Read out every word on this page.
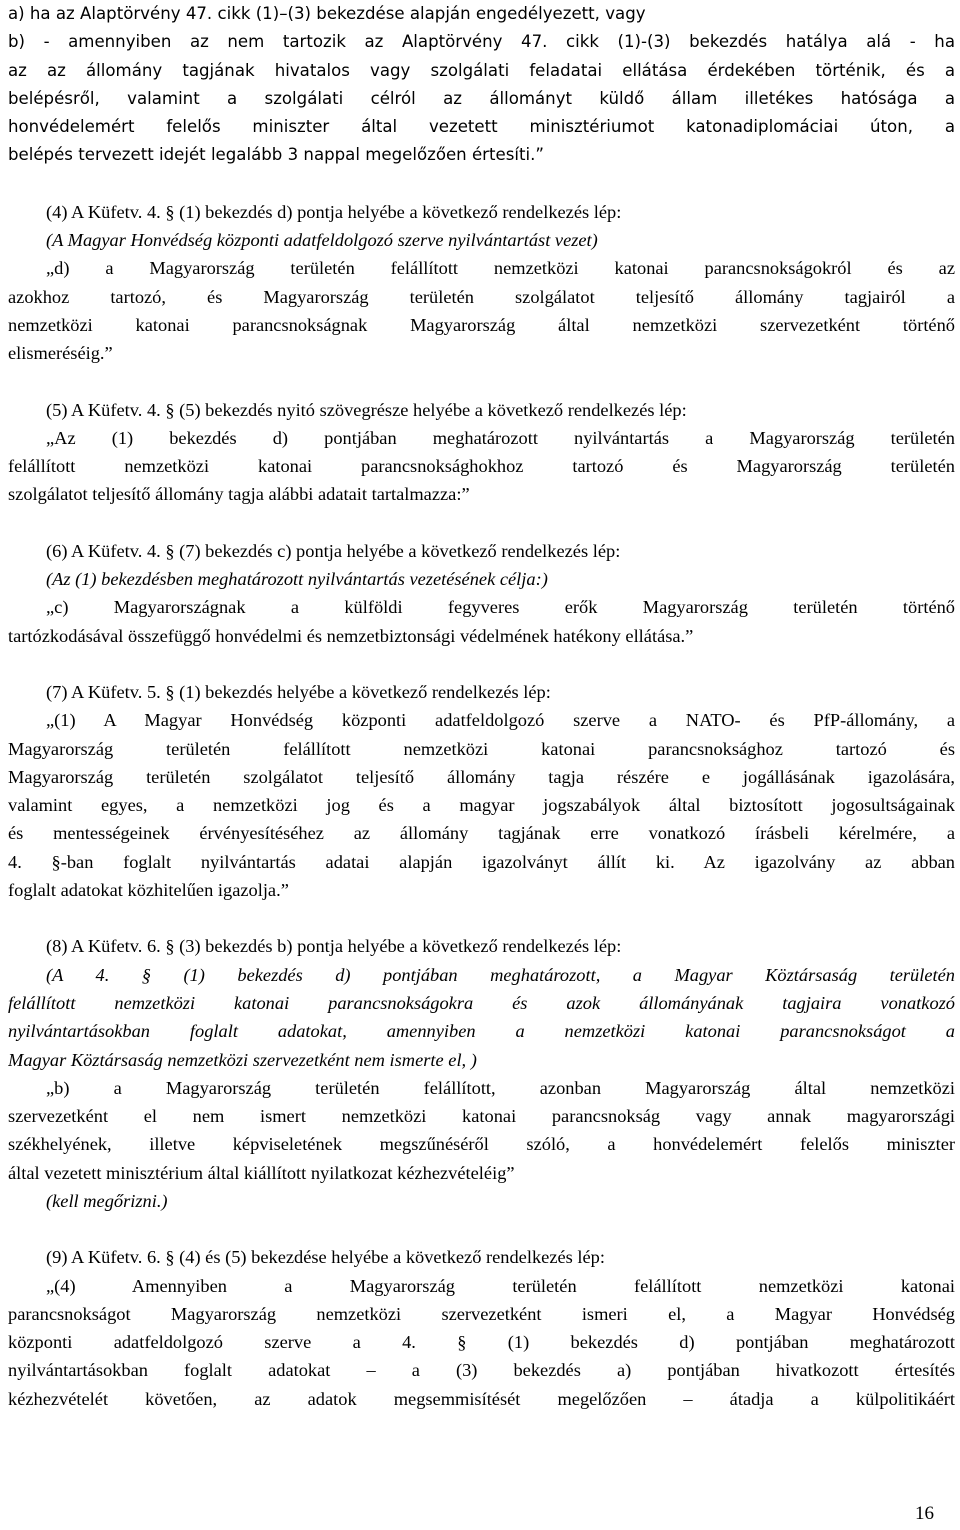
a) ha az Alaptörvény 47. cikk (1)–(3) bekezdése alapján engedélyezett, vagy
b) - amennyiben az nem tartozik az Alaptörvény 47. cikk (1)-(3) bekezdés hatálya alá - ha
az az állomány tagjának hivatalos vagy szolgálati feladatai ellátása érdekében történik, és a
belépésről, valamint a szolgálati célról az állományt küldő állam illetékes hatósága a
honvédelemért felelős miniszter által vezetett minisztériumot katonadiplomáciai úton, a
belépés tervezett idejét legalább 3 nappal megelőzően értesíti.”
(4) A Küfetv. 4. § (1) bekezdés d) pontja helyébe a következő rendelkezés lép:
(A Magyar Honvédség központi adatfeldolgozó szerve nyilvántartást vezet)
„d) a Magyarország területén felállított nemzetközi katonai parancsnokságokról és az
azokhoz tartozó, és Magyarország területén szolgálatot teljesítő állomány tagjairól a
nemzetközi katonai parancsnokságnak Magyarország által nemzetközi szervezetként történő
elismeréséig.”
(5) A Küfetv. 4. § (5) bekezdés nyitó szövegrésze helyébe a következő rendelkezés lép:
„Az (1) bekezdés d) pontjában meghatározott nyilvántartás a Magyarország területén
felállított nemzetközi katonai parancsnoksághokhoz tartozó és Magyarország területén
szolgálatot teljesítő állomány tagja alábbi adatait tartalmazza:”
(6) A Küfetv. 4. § (7) bekezdés c) pontja helyébe a következő rendelkezés lép:
(Az (1) bekezdésben meghatározott nyilvántartás vezetésének célja:)
„c) Magyarországnak a külföldi fegyveres erők Magyarország területén történő
tartózkodásával összefüggő honvédelmi és nemzetbiztonsági védelmének hatékony ellátása.”
(7) A Küfetv. 5. § (1) bekezdés helyébe a következő rendelkezés lép:
„(1) A Magyar Honvédség központi adatfeldolgozó szerve a NATO- és PfP-állomány, a
Magyarország területén felállított nemzetközi katonai parancsnoksághoz tartozó és
Magyarország területén szolgálatot teljesítő állomány tagja részére e jogállásának igazolására,
valamint egyes, a nemzetközi jog és a magyar jogszabályok által biztosított jogosultságainak
és mentességeinek érvényesítéséhez az állomány tagjának erre vonatkozó írásbeli kérelmére, a
4. §-ban foglalt nyilvántartás adatai alapján igazolványt állít ki. Az igazolvány az abban
foglalt adatokat közhitelűen igazolja.”
(8) A Küfetv. 6. § (3) bekezdés b) pontja helyébe a következő rendelkezés lép:
(A 4. § (1) bekezdés d) pontjában meghatározott, a Magyar Köztársaság területén
felállított nemzetközi katonai parancsnokságokra és azok állományának tagjaira vonatkozó
nyilvántartásokban foglalt adatokat, amennyiben a nemzetközi katonai parancsnokságot a
Magyar Köztársaság nemzetközi szervezetként nem ismerte el, )
„b) a Magyarország területén felállított, azonban Magyarország által nemzetközi
szervezetként el nem ismert nemzetközi katonai parancsnokság vagy annak magyarországi
székhelyének, illetve képviseletének megszűnéséről szóló, a honvédelemért felelős miniszter
által vezetett minisztérium által kiállított nyilatkozat kézhezvételéig”
(kell megőrizni.)
(9) A Küfetv. 6. § (4) és (5) bekezdése helyébe a következő rendelkezés lép:
„(4) Amennyiben a Magyarország területén felállított nemzetközi katonai
parancsnokságot Magyarország nemzetközi szervezetként ismeri el, a Magyar Honvédség
központi adatfeldolgozó szerve a 4. § (1) bekezdés d) pontjában meghatározott
nyilvántartásokban foglalt adatokat – a (3) bekezdés a) pontjában hivatkozott értesítés
kézhezvételét követően, az adatok megsemmisítését megelőzően – átadja a külpolitikáért
16
